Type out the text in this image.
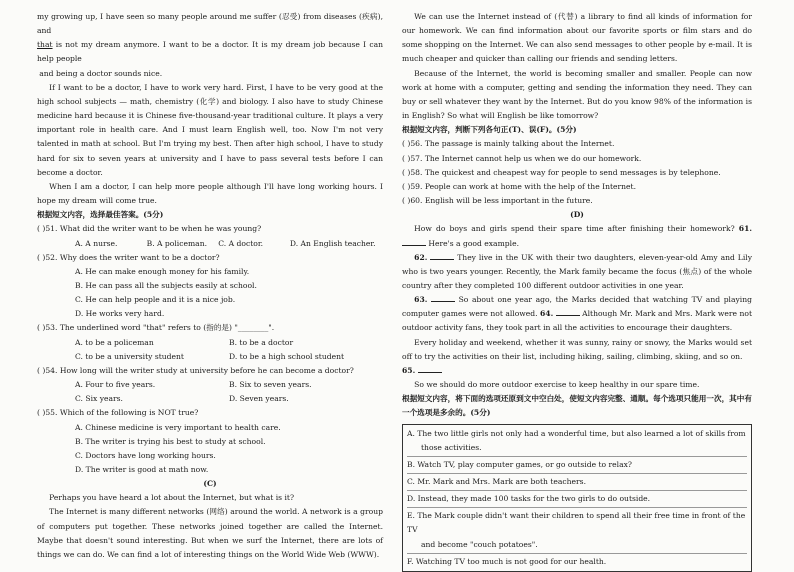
my growing up, I have seen so many people around me suffer (忍受) from diseases (疾病), and

that is not my dream anymore. I want to be a doctor. It is my dream job because I can help people

and being a doctor sounds nice.

If I want to be a doctor, I have to work very hard. First, I have to be very good at the high school subjects — math, chemistry (化学) and biology. I also have to study Chinese medicine hard because it is Chinese five-thousand-year traditional culture. It plays a very important role in health care. And I must learn English well, too. Now I'm not very talented in math at school. But I'm trying my best. Then after high school, I have to study hard for six to seven years at university and I have to pass several tests before I can become a doctor.

When I am a doctor, I can help more people although I'll have long working hours. I hope my dream will come true.

根据短文内容，选择最佳答案。(5分)

( )51. What did the writer want to be when he was young?

A. A nurse.	B. A policeman.	C. A doctor.	D. An English teacher.

( )52. Why does the writer want to be a doctor?

A. He can make enough money for his family.

B. He can pass all the subjects easily at school.

C. He can help people and it is a nice job.

D. He works very hard.

( )53. The underlined word "that" refers to (指的是) "________".

A. to be a policeman	B. to be a doctor
C. to be a university student	D. to be a high school student

( )54. How long will the writer study at university before he can become a doctor?

A. Four to five years.	B. Six to seven years.
C. Six years.	D. Seven years.

( )55. Which of the following is NOT true?

A. Chinese medicine is very important to health care.

B. The writer is trying his best to study at school.

C. Doctors have long working hours.

D. The writer is good at math now.

(C)

Perhaps you have heard a lot about the Internet, but what is it?

The Internet is many different networks (网络) around the world. A network is a group of computers put together. These networks joined together are called the Internet. Maybe that doesn't sound interesting. But when we surf the Internet, there are lots of things we can do. We can find a lot of interesting things on the World Wide Web (WWW).

We can use the Internet instead of (代替) a library to find all kinds of information for our homework. We can find information about our favorite sports or film stars and do some shopping on the Internet. We can also send messages to other people by e-mail. It is much cheaper and quicker than calling our friends and sending letters.

Because of the Internet, the world is becoming smaller and smaller. People can now work at home with a computer, getting and sending the information they need. They can buy or sell whatever they want by the Internet. But do you know 98% of the information is in English? So what will English be like tomorrow?

根据短文内容，判断下列各句正(T)、误(F)。(5分)

( )56. The passage is mainly talking about the Internet.

( )57. The Internet cannot help us when we do our homework.

( )58. The quickest and cheapest way for people to send messages is by telephone.

( )59. People can work at home with the help of the Internet.

( )60. English will be less important in the future.

(D)

How do boys and girls spend their spare time after finishing their homework? 61.  Here's a good example.

62.	They live in the UK with their two daughters, eleven-year-old Amy and Lily who is two years younger. Recently, the Mark family became the focus (焦点) of the whole country after they completed 100 different outdoor activities in one year.

63.	So about one year ago, the Marks decided that watching TV and playing computer games were not allowed. 64.	Although Mr. Mark and Mrs. Mark were not outdoor activity fans, they took part in all the activities to encourage their daughters.

Every holiday and weekend, whether it was sunny, rainy or snowy, the Marks would set off to try the activities on their list, including hiking, sailing, climbing, skiing, and so on.

65.

So we should do more outdoor exercise to keep healthy in our spare time.

根据短文内容，将下面的选项还原到文中空白处，使短文内容完整、通顺。每个选项只能用一次，其中有一个选项是多余的。(5分)

A. The two little girls not only had a wonderful time, but also learned a lot of skills from
those activities.
B. Watch TV, play computer games, or go outside to relax?
C. Mr. Mark and Mrs. Mark are both teachers.
D. Instead, they made 100 tasks for the two girls to do outside.
E. The Mark couple didn't want their children to spend all their free time in front of the TV
and become "couch potatoes".
F. Watching TV too much is not good for our health.
